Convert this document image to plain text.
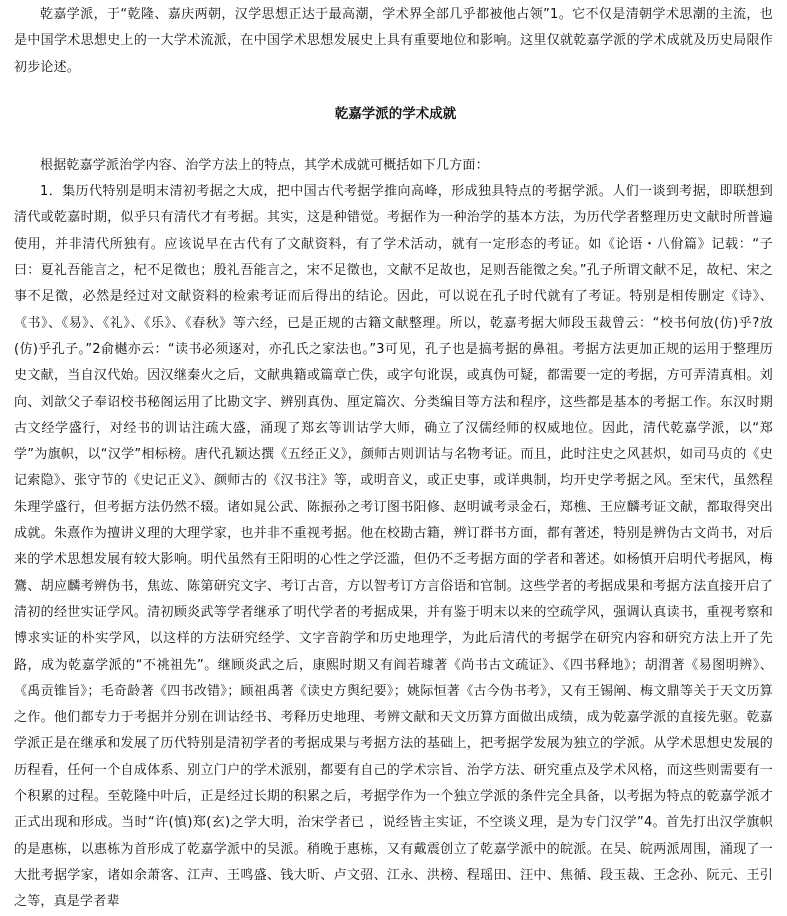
乾嘉学派，于“乾隆、嘉庆两朝，汉学思想正达于最高潮，学术界全部几乎都被他占领”1。它不仅是清朝学术思潮的主流，也是中国学术思想史上的一大学术流派，在中国学术思想发展史上具有重要地位和影响。这里仅就乾嘉学派的学术成就及历史局限作初步论述。

乾嘉学派的学术成就

根据乾嘉学派治学内容、治学方法上的特点，其学术成就可概括如下几方面：

1．集历代特别是明末清初考据之大成，把中国古代考据学推向高峰，形成独具特点的考据学派。人们一谈到考据，即联想到清代或乾嘉时期，似乎只有清代才有考据。其实，这是种错觉。考据作为一种治学的基本方法，为历代学者整理历史文献时所普遍使用，并非清代所独有。应该说早在古代有了文献资料，有了学术活动，就有一定形态的考证。如《论语・八佾篇》记载：“子曰：夏礼吾能言之，杞不足徵也；殷礼吾能言之，宋不足徵也，文献不足故也，足则吾能徵之矣。”孔子所谓文献不足，故杞、宋之事不足徵，必然是经过对文献资料的检索考证而后得出的结论。因此，可以说在孔子时代就有了考证。特别是相传删定《诗》、《书》、《易》、《礼》、《乐》、《春秋》等六经，已是正规的古籍文献整理。所以，乾嘉考据大师段玉裁曾云：“校书何放(仿)乎?放(仿)乎孔子。”2俞樾亦云：“读书必须逐对，亦孔氏之家法也。”3可见，孔子也是搞考据的鼻祖。考据方法更加正规的运用于整理历史文献，当自汉代始。因汉继秦火之后，文献典籍或篇章亡佚，或字句讹误，或真伪可疑，都需要一定的考据，方可弄清真相。刘向、刘歆父子奉诏校书秘阁运用了比勘文字、辨别真伪、厘定篇次、分类编目等方法和程序，这些都是基本的考据工作。东汉时期古文经学盛行，对经书的训诂注疏大盛，涌现了郑玄等训诂学大师，确立了汉儒经师的权威地位。因此，清代乾嘉学派，以“郑学”为旗帜，以“汉学”相标榜。唐代孔颖达撰《五经正义》，颜师古则训诂与名物考证。而且，此时注史之风甚炽，如司马贞的《史记索隐》、张守节的《史记正义》、颜师古的《汉书注》等，或明音义，或正史事，或详典制，均开史学考据之风。至宋代，虽然程朱理学盛行，但考据方法仍然不辍。诸如晁公武、陈振孙之考订图书阳修、赵明诚考录金石，郑樵、王应麟考证文献，都取得突出成就。朱熹作为擅讲义理的大理学家，也并非不重视考据。他在校勘古籍，辨订群书方面，都有著述，特别是辨伪古文尚书，对后来的学术思想发展有较大影响。明代虽然有王阳明的心性之学泛滥，但仍不乏考据方面的学者和著述。如杨慎开启明代考据风，梅鷟、胡应麟考辨伪书，焦竑、陈第研究文字、考订古音，方以智考订方言俗语和官制。这些学者的考据成果和考据方法直接开启了清初的经世实证学风。清初顾炎武等学者继承了明代学者的考据成果，并有鉴于明末以来的空疏学风，强调认真读书，重视考察和博求实证的朴实学风，以这样的方法研究经学、文字音韵学和历史地理学，为此后清代的考据学在研究内容和研究方法上开了先路，成为乾嘉学派的“不祧祖先”。继顾炎武之后，康熙时期又有阎若璩著《尚书古文疏证》、《四书释地》；胡渭著《易图明辨》、《禹贡锥旨》；毛奇龄著《四书改错》；顾祖禹著《读史方舆纪要》；姚际恒著《古今伪书考》，又有王锡阐、梅文鼎等关于天文历算之作。他们都专力于考据并分别在训诂经书、考释历史地理、考辨文献和天文历算方面做出成绩，成为乾嘉学派的直接先驱。乾嘉学派正是在继承和发展了历代特别是清初学者的考据成果与考据方法的基础上，把考据学发展为独立的学派。从学术思想史发展的历程看，任何一个自成体系、别立门户的学术派别，都要有自己的学术宗旨、治学方法、研究重点及学术风格，而这些则需要有一个积累的过程。至乾隆中叶后，正是经过长期的积累之后，考据学作为一个独立学派的条件完全具备，以考据为特点的乾嘉学派才正式出现和形成。当时“许(慎)郑(玄)之学大明，治宋学者已 ，说经皆主实证，不空谈义理，是为专门汉学”4。首先打出汉学旗帜的是惠栋，以惠栋为首形成了乾嘉学派中的吴派。稍晚于惠栋，又有戴震创立了乾嘉学派中的皖派。在吴、皖两派周围，涌现了一大批考据学家，诸如余萧客、江声、王鸣盛、钱大昕、卢文弨、江永、洪榜、程瑶田、汪中、焦循、段玉裁、王念孙、阮元、王引之等，真是学者辈
